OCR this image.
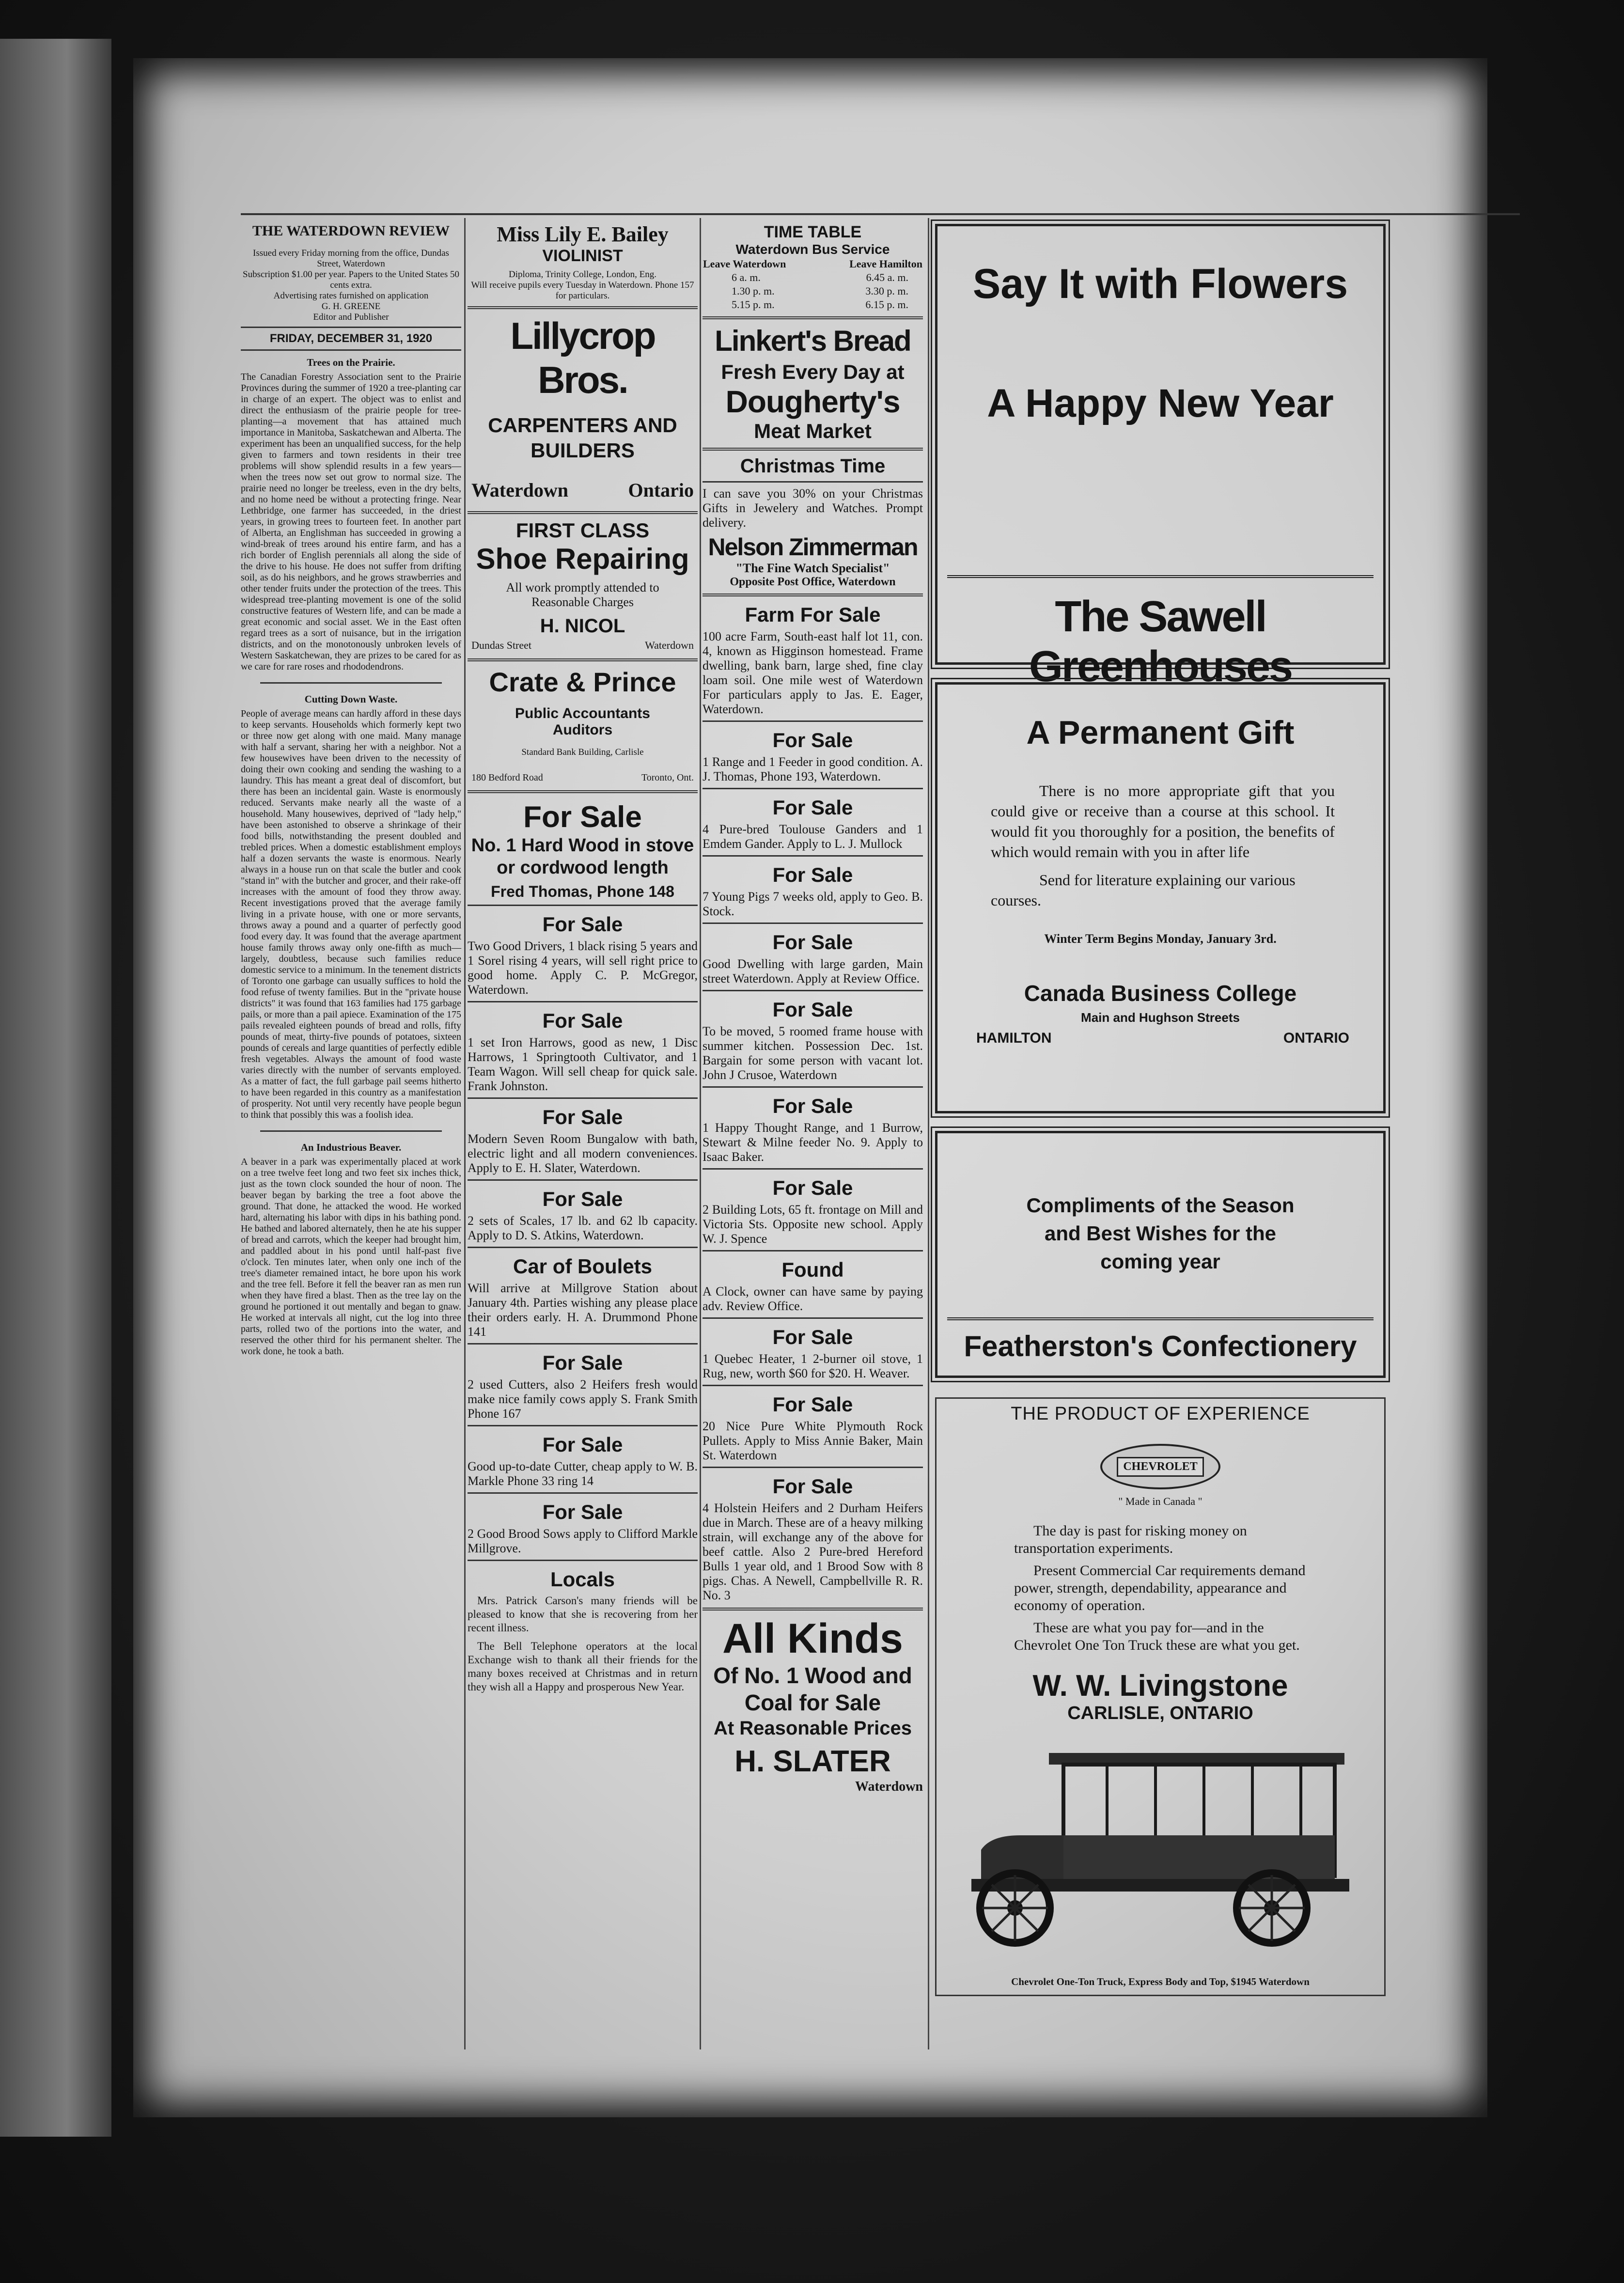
THE WATERDOWN REVIEW
Issued every Friday morning from the office, Dundas Street, Waterdown
Subscription $1.00 per year. Papers to the United States 50 cents extra.
Advertising rates furnished on application
G. H. GREENE
Editor and Publisher
FRIDAY, DECEMBER 31, 1920
Trees on the Prairie.
The Canadian Forestry Association sent to the Prairie Provinces during the summer of 1920 a tree-planting car in charge of an expert. The object was to enlist and direct the enthusiasm of the prairie people for tree-planting—a movement that has attained much importance in Manitoba, Saskatchewan and Alberta. The experiment has been an unqualified success, for the help given to farmers and town residents in their tree problems will show splendid results in a few years—when the trees now set out grow to normal size. The prairie need no longer be treeless, even in the dry belts, and no home need be without a protecting fringe. Near Lethbridge, one farmer has succeeded, in the driest years, in growing trees to fourteen feet. In another part of Alberta, an Englishman has succeeded in growing a wind-break of trees around his entire farm, and has a rich border of English perennials all along the side of the drive to his house. He does not suffer from drifting soil, as do his neighbors, and he grows strawberries and other tender fruits under the protection of the trees. This widespread tree-planting movement is one of the solid constructive features of Western life, and can be made a great economic and social asset. We in the East often regard trees as a sort of nuisance, but in the irrigation districts, and on the monotonously unbroken levels of Western Saskatchewan, they are prizes to be cared for as we care for rare roses and rhododendrons.
Cutting Down Waste.
People of average means can hardly afford in these days to keep servants. Households which formerly kept two or three now get along with one maid. Many manage with half a servant, sharing her with a neighbor. Not a few housewives have been driven to the necessity of doing their own cooking and sending the washing to a laundry. This has meant a great deal of discomfort, but there has been an incidental gain. Waste is enormously reduced. Servants make nearly all the waste of a household. Many housewives, deprived of "lady help," have been astonished to observe a shrinkage of their food bills, notwithstanding the present doubled and trebled prices. When a domestic establishment employs half a dozen servants the waste is enormous. Nearly always in a house run on that scale the butler and cook "stand in" with the butcher and grocer, and their rake-off increases with the amount of food they throw away. Recent investigations proved that the average family living in a private house, with one or more servants, throws away a pound and a quarter of perfectly good food every day. It was found that the average apartment house family throws away only one-fifth as much—largely, doubtless, because such families reduce domestic service to a minimum. In the tenement districts of Toronto one garbage can usually suffices to hold the food refuse of twenty families. But in the "private house districts" it was found that 163 families had 175 garbage pails, or more than a pail apiece. Examination of the 175 pails revealed eighteen pounds of bread and rolls, fifty pounds of meat, thirty-five pounds of potatoes, sixteen pounds of cereals and large quantities of perfectly edible fresh vegetables. Always the amount of food waste varies directly with the number of servants employed. As a matter of fact, the full garbage pail seems hitherto to have been regarded in this country as a manifestation of prosperity. Not until very recently have people begun to think that possibly this was a foolish idea.
An Industrious Beaver.
A beaver in a park was experimentally placed at work on a tree twelve feet long and two feet six inches thick, just as the town clock sounded the hour of noon. The beaver began by barking the tree a foot above the ground. That done, he attacked the wood. He worked hard, alternating his labor with dips in his bathing pond. He bathed and labored alternately, then he ate his supper of bread and carrots, which the keeper had brought him, and paddled about in his pond until half-past five o'clock. Ten minutes later, when only one inch of the tree's diameter remained intact, he bore upon his work and the tree fell. Before it fell the beaver ran as men run when they have fired a blast. Then as the tree lay on the ground he portioned it out mentally and began to gnaw. He worked at intervals all night, cut the log into three parts, rolled two of the portions into the water, and reserved the other third for his permanent shelter. The work done, he took a bath.
Miss Lily E. Bailey
VIOLINIST
Diploma, Trinity College, London, Eng.
Will receive pupils every Tuesday in Waterdown. Phone 157 for particulars.
Lillycrop Bros.
CARPENTERS AND BUILDERS
Waterdown	Ontario
FIRST CLASS
Shoe Repairing
All work promptly attended to
Reasonable Charges
H. NICOL
Dundas Street	Waterdown
Crate & Prince
Public Accountants
Auditors
Standard Bank Building, Carlisle
180 Bedford Road	Toronto, Ont.
For Sale
No. 1 Hard Wood in stove or cordwood length
Fred Thomas, Phone 148
For Sale
Two Good Drivers, 1 black rising 5 years and 1 Sorel rising 4 years, will sell right price to good home. Apply C. P. McGregor, Waterdown.
For Sale
1 set Iron Harrows, good as new, 1 Disc Harrows, 1 Springtooth Cultivator, and 1 Team Wagon. Will sell cheap for quick sale. Frank Johnston.
For Sale
Modern Seven Room Bungalow with bath, electric light and all modern conveniences. Apply to E. H. Slater, Waterdown.
For Sale
2 sets of Scales, 17 lb. and 62 lb capacity. Apply to D. S. Atkins, Waterdown.
Car of Boulets
Will arrive at Millgrove Station about January 4th. Parties wishing any please place their orders early. H. A. Drummond Phone 141
For Sale
2 used Cutters, also 2 Heifers fresh would make nice family cows apply S. Frank Smith Phone 167
For Sale
Good up-to-date Cutter, cheap apply to W. B. Markle Phone 33 ring 14
For Sale
2 Good Brood Sows apply to Clifford Markle Millgrove.
Locals
Mrs. Patrick Carson's many friends will be pleased to know that she is recovering from her recent illness.
The Bell Telephone operators at the local Exchange wish to thank all their friends for the many boxes received at Christmas and in return they wish all a Happy and prosperous New Year.
TIME TABLE
Waterdown Bus Service
Leave Waterdown	Leave Hamilton
6 a. m.	6.45 a. m.
1.30 p. m.	3.30 p. m.
5.15 p. m.	6.15 p. m.
Linkert's Bread
Fresh Every Day at
Dougherty's
Meat Market
Christmas Time
I can save you 30% on your Christmas Gifts in Jewelery and Watches. Prompt delivery.
Nelson Zimmerman
"The Fine Watch Specialist"
Opposite Post Office, Waterdown
Farm For Sale
100 acre Farm, South-east half lot 11, con. 4, known as Higginson homestead. Frame dwelling, bank barn, large shed, fine clay loam soil. One mile west of Waterdown For particulars apply to Jas. E. Eager, Waterdown.
For Sale
1 Range and 1 Feeder in good condition. A. J. Thomas, Phone 193, Waterdown.
For Sale
4 Pure-bred Toulouse Ganders and 1 Emdem Gander. Apply to L. J. Mullock
For Sale
7 Young Pigs 7 weeks old, apply to Geo. B. Stock.
For Sale
Good Dwelling with large garden, Main street Waterdown. Apply at Review Office.
For Sale
To be moved, 5 roomed frame house with summer kitchen. Possession Dec. 1st. Bargain for some person with vacant lot. John J Crusoe, Waterdown
For Sale
1 Happy Thought Range, and 1 Burrow, Stewart & Milne feeder No. 9. Apply to Isaac Baker.
For Sale
2 Building Lots, 65 ft. frontage on Mill and Victoria Sts. Opposite new school. Apply W. J. Spence
Found
A Clock, owner can have same by paying adv. Review Office.
For Sale
1 Quebec Heater, 1 2-burner oil stove, 1 Rug, new, worth $60 for $20. H. Weaver.
For Sale
20 Nice Pure White Plymouth Rock Pullets. Apply to Miss Annie Baker, Main St. Waterdown
For Sale
4 Holstein Heifers and 2 Durham Heifers due in March. These are of a heavy milking strain, will exchange any of the above for beef cattle. Also 2 Pure-bred Hereford Bulls 1 year old, and 1 Brood Sow with 8 pigs. Chas. A Newell, Campbellville R. R. No. 3
All Kinds
Of No. 1 Wood and
Coal for Sale
At Reasonable Prices
H. SLATER
Waterdown
Say It with Flowers
A Happy New Year
The Sawell Greenhouses
A Permanent Gift
There is no more appropriate gift that you could give or receive than a course at this school. It would fit you thoroughly for a position, the benefits of which would remain with you in after life
Send for literature explaining our various courses.
Winter Term Begins Monday, January 3rd.
Canada Business College
Main and Hughson Streets
HAMILTON	ONTARIO
Compliments of the Season
and Best Wishes for the
coming year
Featherston's Confectionery
THE PRODUCT OF EXPERIENCE
CHEVROLET
" Made in Canada "
The day is past for risking money on transportation experiments.
Present Commercial Car requirements demand power, strength, dependability, appearance and economy of operation.
These are what you pay for—and in the Chevrolet One Ton Truck these are what you get.
W. W. Livingstone
CARLISLE, ONTARIO
Chevrolet One-Ton Truck, Express Body and Top, $1945 Waterdown
